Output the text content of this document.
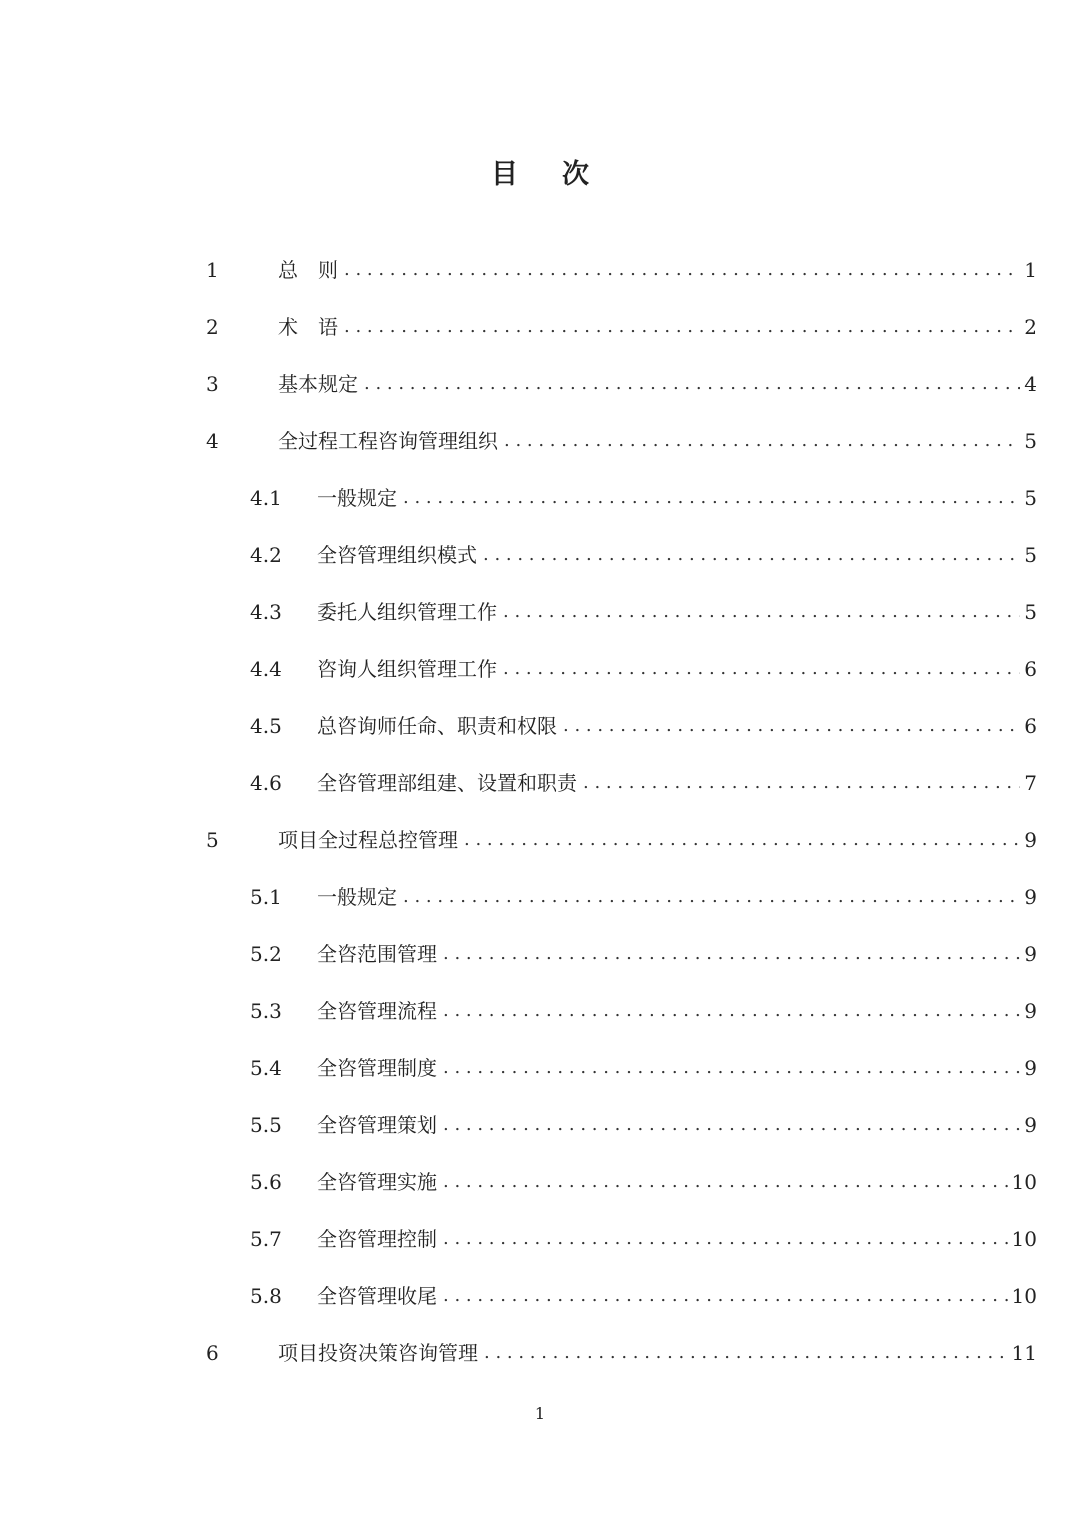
目 次
1	总　则 . . .	1
2	术　语 . . .	2
3	基本规定 . . .	4
4	全过程工程咨询管理组织 . . .	5
4.1 一般规定 . . .	5
4.2 全咨管理组织模式 . . .	5
4.3 委托人组织管理工作 . . .	5
4.4 咨询人组织管理工作 . . .	6
4.5 总咨询师任命、职责和权限 . . .	6
4.6 全咨管理部组建、设置和职责 . . .	7
5	项目全过程总控管理 . . .	9
5.1 一般规定 . . .	9
5.2 全咨范围管理 . . .	9
5.3 全咨管理流程 . . .	9
5.4 全咨管理制度 . . .	9
5.5 全咨管理策划 . . .	9
5.6 全咨管理实施 . . .	10
5.7 全咨管理控制 . . .	10
5.8 全咨管理收尾 . . .	10
6	项目投资决策咨询管理 . . .	11

1
